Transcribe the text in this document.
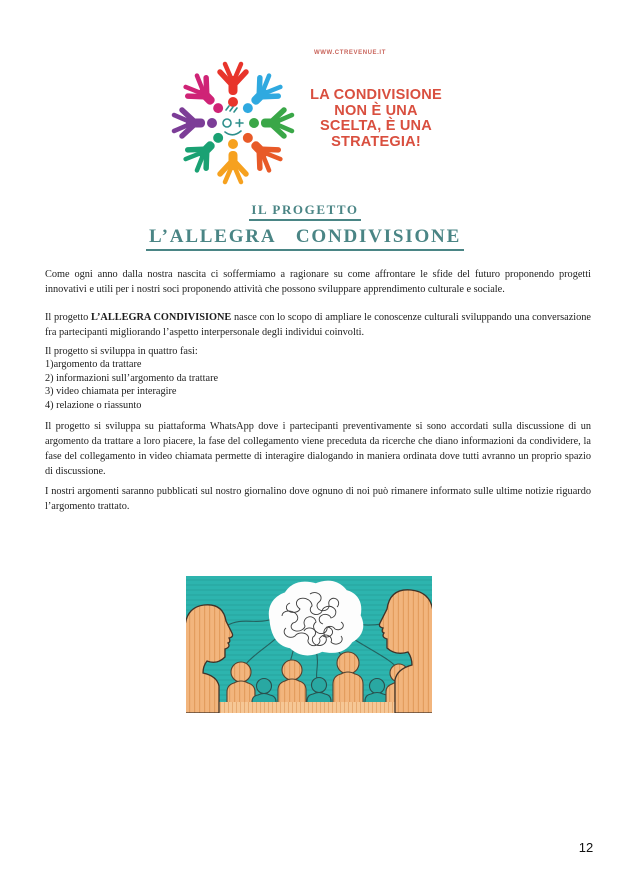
WWW.CTREVENUE.IT
LA CONDIVISIONE
NON È UNA
SCELTA, È UNA
STRATEGIA!
IL PROGETTO
L’ALLEGRA CONDIVISIONE
Come ogni anno dalla nostra nascita ci soffermiamo a ragionare su come affrontare le sfide del futuro proponendo progetti innovativi e utili per i nostri soci proponendo attività che possono sviluppare apprendimento culturale e sociale.
Il progetto L’ALLEGRA CONDIVISIONE nasce con lo scopo di ampliare le conoscenze culturali sviluppando una conversazione fra partecipanti migliorando l’aspetto interpersonale degli individui coinvolti.
Il progetto si sviluppa in quattro fasi:
1)argomento da trattare
2) informazioni sull’argomento da trattare
3) video chiamata per interagire
4) relazione o riassunto
Il progetto si sviluppa su piattaforma WhatsApp dove i partecipanti preventivamente si sono accordati sulla discussione di un argomento da trattare a loro piacere, la fase del collegamento viene preceduta da ricerche che diano informazioni da condividere, la fase del collegamento in video chiamata permette di interagire dialogando in maniera ordinata dove tutti avranno un proprio spazio di discussione.
I nostri argomenti saranno pubblicati sul nostro giornalino dove ognuno di noi può rimanere informato sulle ultime notizie riguardo l’argomento trattato.
12
